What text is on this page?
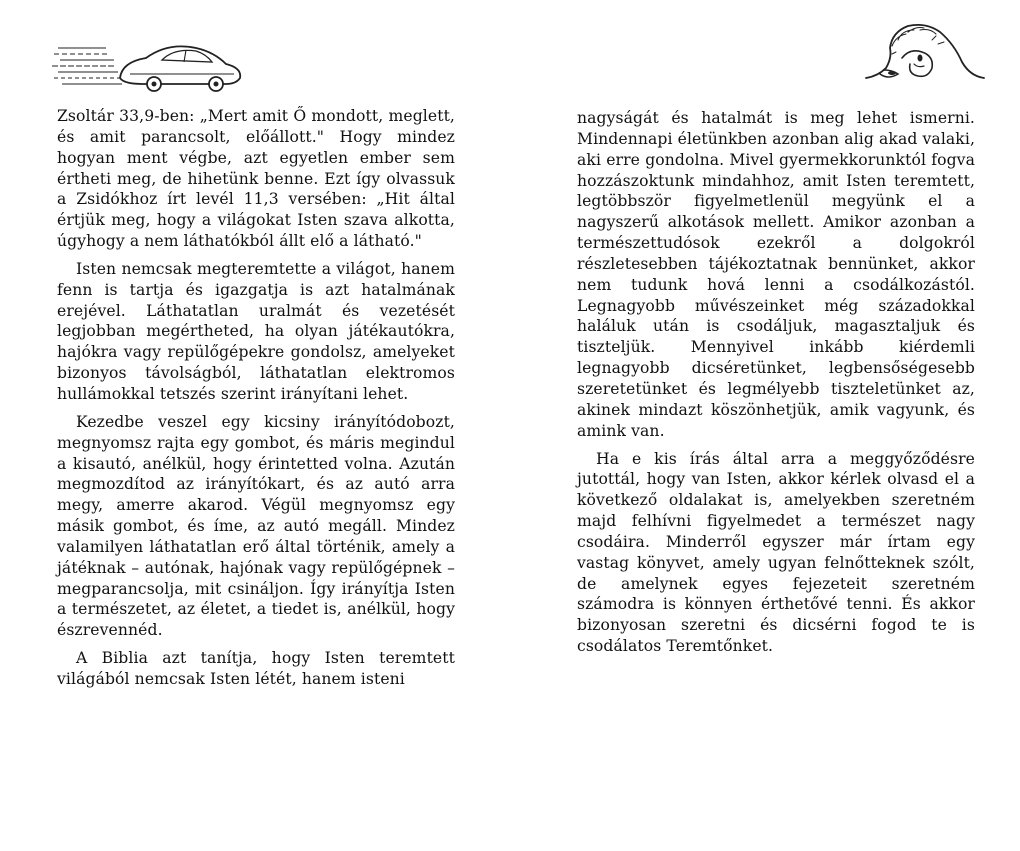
Zsoltár 33,9-ben: „Mert amit Ő mondott, meglett, és amit parancsolt, előállott." Hogy mindez hogyan ment végbe, azt egyetlen ember sem értheti meg, de hihetünk benne. Ezt így olvassuk a Zsidókhoz írt levél 11,3 versében: „Hit által értjük meg, hogy a világokat Isten szava alkotta, úgyhogy a nem láthatókból állt elő a látható."

Isten nemcsak megteremtette a világot, hanem fenn is tartja és igazgatja is azt hatalmának erejével. Láthatatlan uralmát és vezetését legjobban megértheted, ha olyan játékautókra, hajókra vagy repülőgépekre gondolsz, amelyeket bizonyos távolságból, láthatatlan elektromos hullámokkal tetszés szerint irányítani lehet.

Kezedbe veszel egy kicsiny irányítódobozt, megnyomsz rajta egy gombot, és máris megindul a kisautó, anélkül, hogy érintetted volna. Azután megmozdítod az irányítókart, és az autó arra megy, amerre akarod. Végül megnyomsz egy másik gombot, és íme, az autó megáll. Mindez valamilyen láthatatlan erő által történik, amely a játéknak – autónak, hajónak vagy repülőgépnek – megparancsolja, mit csináljon. Így irányítja Isten a természetet, az életet, a tiedet is, anélkül, hogy észrevennéd.

A Biblia azt tanítja, hogy Isten teremtett világából nemcsak Isten létét, hanem isteni

nagyságát és hatalmát is meg lehet ismerni. Mindennapi életünkben azonban alig akad valaki, aki erre gondolna. Mivel gyermekkorunktól fogva hozzászoktunk mindahhoz, amit Isten teremtett, legtöbbször figyelmetlenül megyünk el a nagyszerű alkotások mellett. Amikor azonban a természettudósok ezekről a dolgokról részletesebben tájékoztatnak bennünket, akkor nem tudunk hová lenni a csodálkozástól. Legnagyobb művészeinket még századokkal haláluk után is csodáljuk, magasztaljuk és tiszteljük. Mennyivel inkább kiérdemli legnagyobb dicséretünket, legbensőségesebb szeretetünket és legmélyebb tiszteletünket az, akinek mindazt köszönhetjük, amik vagyunk, és amink van.

Ha e kis írás által arra a meggyőződésre jutottál, hogy van Isten, akkor kérlek olvasd el a következő oldalakat is, amelyekben szeretném majd felhívni figyelmedet a természet nagy csodáira. Minderről egyszer már írtam egy vastag könyvet, amely ugyan felnőtteknek szólt, de amelynek egyes fejezeteit szeretném számodra is könnyen érthetővé tenni. És akkor bizonyosan szeretni és dicsérni fogod te is csodálatos Teremtőnket.
